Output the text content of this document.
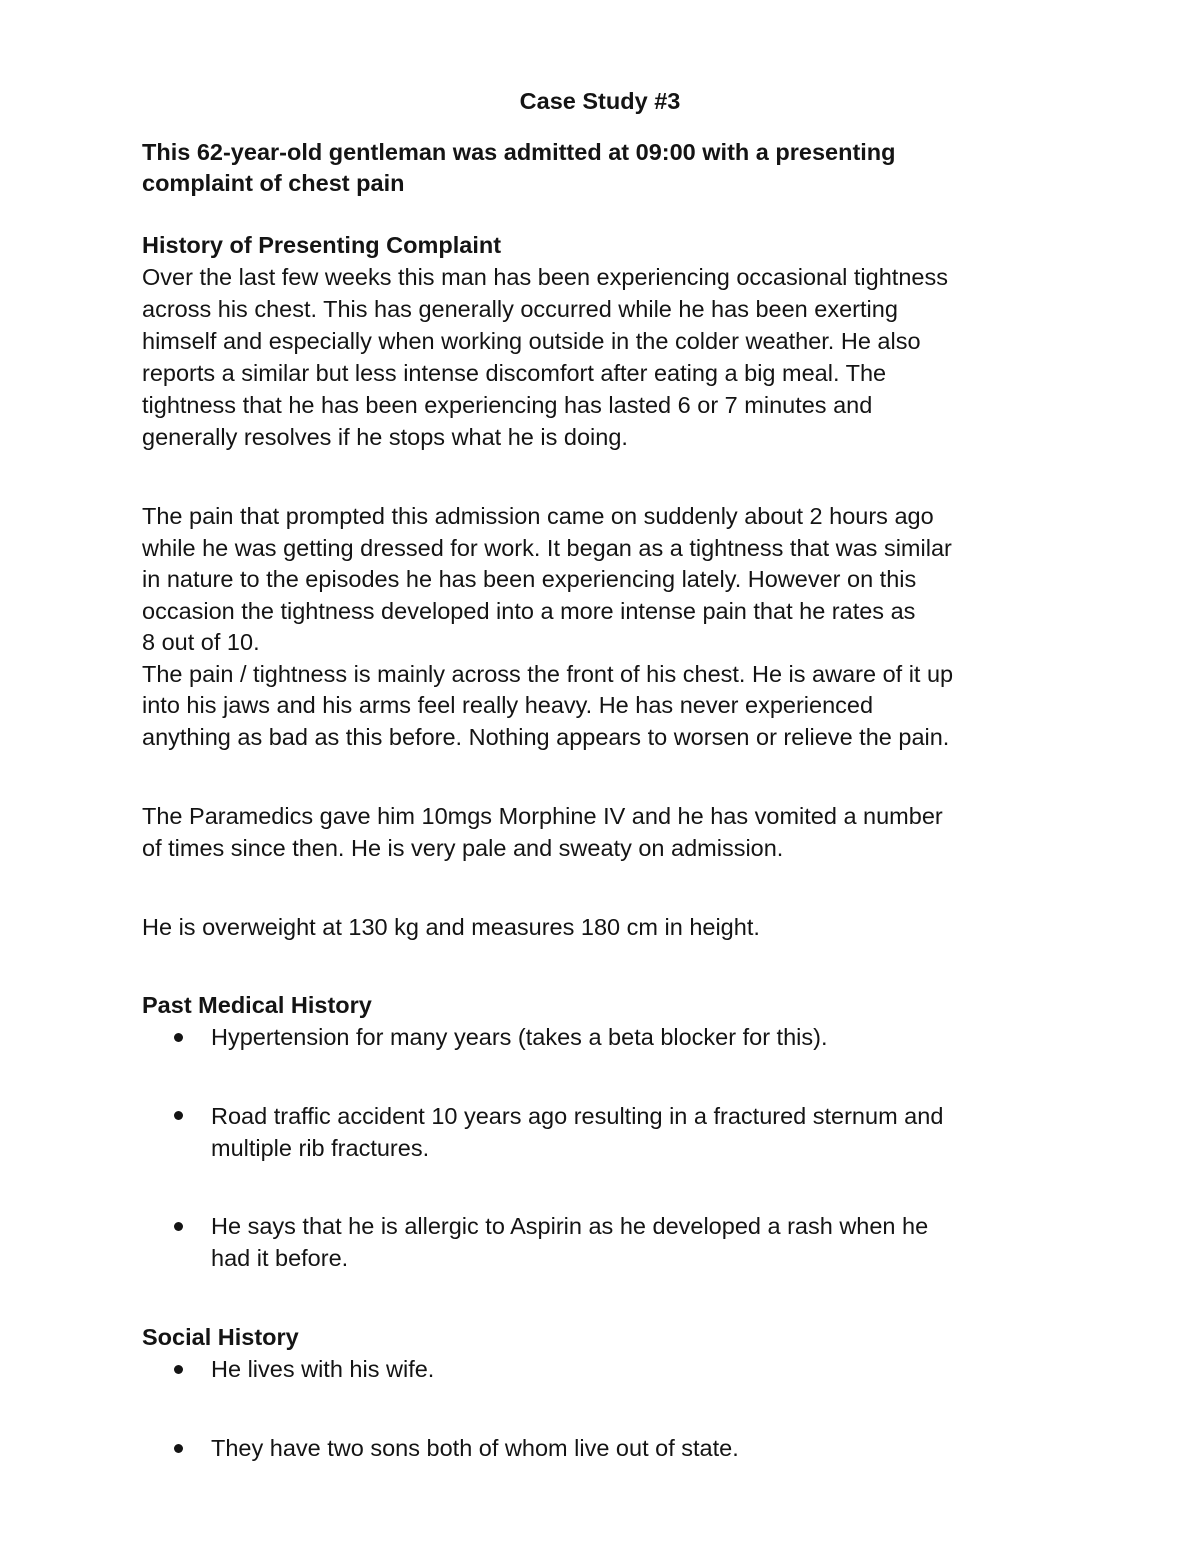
Case Study #3
This 62-year-old gentleman was admitted at 09:00 with a presenting
complaint of chest pain
History of Presenting Complaint
Over the last few weeks this man has been experiencing occasional tightness
across his chest. This has generally occurred while he has been exerting
himself and especially when working outside in the colder weather. He also
reports a similar but less intense discomfort after eating a big meal. The
tightness that he has been experiencing has lasted 6 or 7 minutes and
generally resolves if he stops what he is doing.
The pain that prompted this admission came on suddenly about 2 hours ago
while he was getting dressed for work. It began as a tightness that was similar
in nature to the episodes he has been experiencing lately. However on this
occasion the tightness developed into a more intense pain that he rates as
8 out of 10.
The pain / tightness is mainly across the front of his chest. He is aware of it up
into his jaws and his arms feel really heavy. He has never experienced
anything as bad as this before. Nothing appears to worsen or relieve the pain.
The Paramedics gave him 10mgs Morphine IV and he has vomited a number
of times since then. He is very pale and sweaty on admission.
He is overweight at 130 kg and measures 180 cm in height.
Past Medical History
Hypertension for many years (takes a beta blocker for this).
Road traffic accident 10 years ago resulting in a fractured sternum and
multiple rib fractures.
He says that he is allergic to Aspirin as he developed a rash when he
had it before.
Social History
He lives with his wife.
They have two sons both of whom live out of state.
